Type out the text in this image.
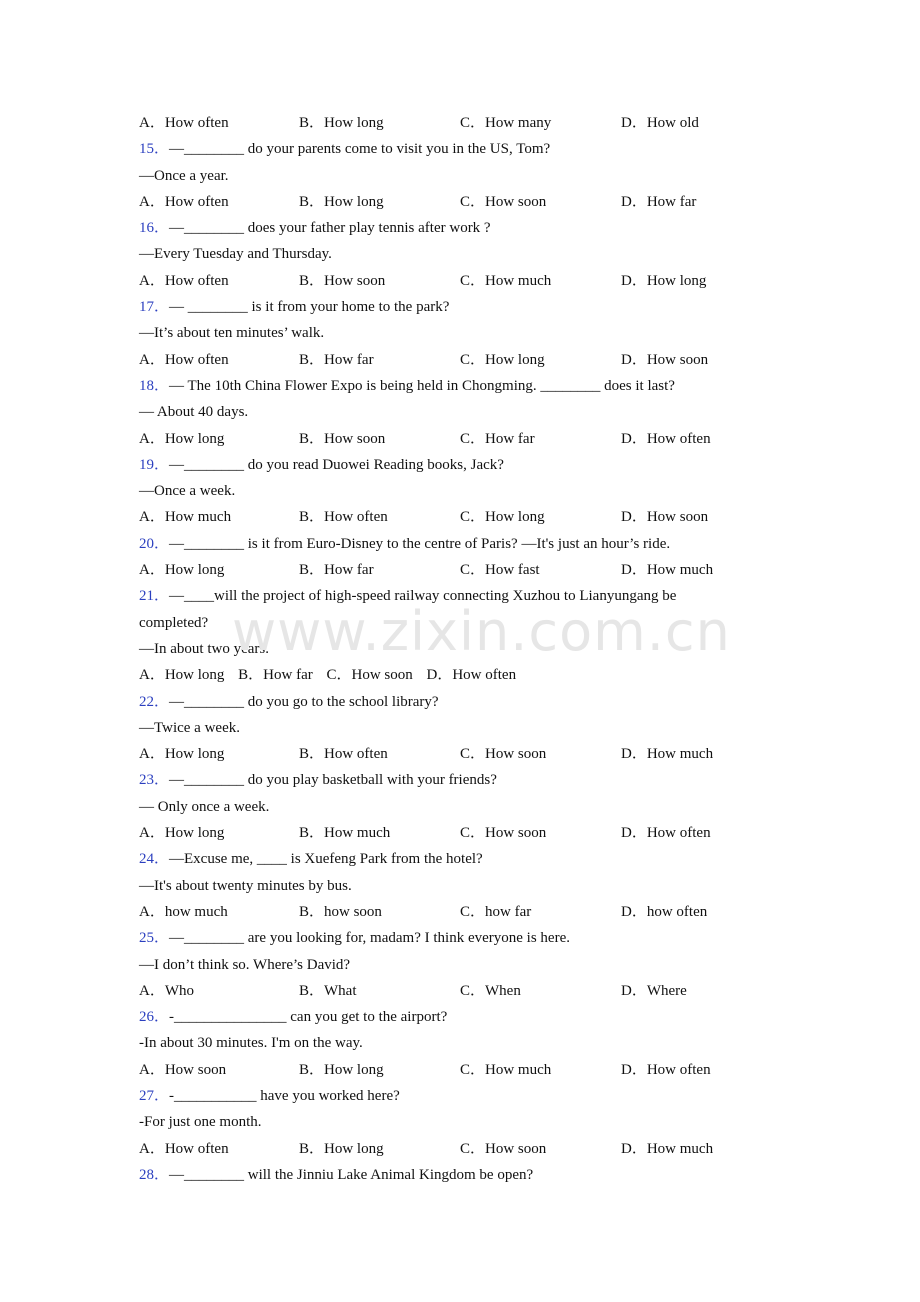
A．How often	B．How long	C．How many	D．How old
15．—________ do your parents come to visit you in the US, Tom?
—Once a year.
A．How often	B．How long	C．How soon	D．How far
16．—________ does your father play tennis after work ?
—Every Tuesday and Thursday.
A．How often	B．How soon	C．How much	D．How long
17．— ________ is it from your home to the park?
—It’s about ten minutes’ walk.
A．How often	B．How far	C．How long	D．How soon
18．— The 10th China Flower Expo is being held in Chongming. ________ does it last?
— About 40 days.
A．How long	B．How soon	C．How far	D．How often
19．—________ do you read Duowei Reading books, Jack?
—Once a week.
A．How much	B．How often	C．How long	D．How soon
20．—________ is it from Euro-Disney to the centre of Paris? —It's just an hour’s ride.
A．How long	B．How far	C．How fast	D．How much
21．—____will the project of high-speed railway connecting Xuzhou to Lianyungang be
completed?
—In about two years.
A．How long B．How far C．How soon D．How often
22．—________ do you go to the school library?
—Twice a week.
A．How long	B．How often	C．How soon	D．How much
23．—________ do you play basketball with your friends?
— Only once a week.
A．How long	B．How much	C．How soon	D．How often
24．—Excuse me, ____ is Xuefeng Park from the hotel?
—It's about twenty minutes by bus.
A．how much	B．how soon	C．how far	D．how often
25．—________ are you looking for, madam? I think everyone is here.
—I don’t think so. Where’s David?
A．Who	B．What	C．When	D．Where
26．-_______________ can you get to the airport?
-In about 30 minutes. I'm on the way.
A．How soon	B．How long	C．How much	D．How often
27．-___________ have you worked here?
-For just one month.
A．How often	B．How long	C．How soon	D．How much
28．—________ will the Jinniu Lake Animal Kingdom be open?
www.zixin.com.cn
